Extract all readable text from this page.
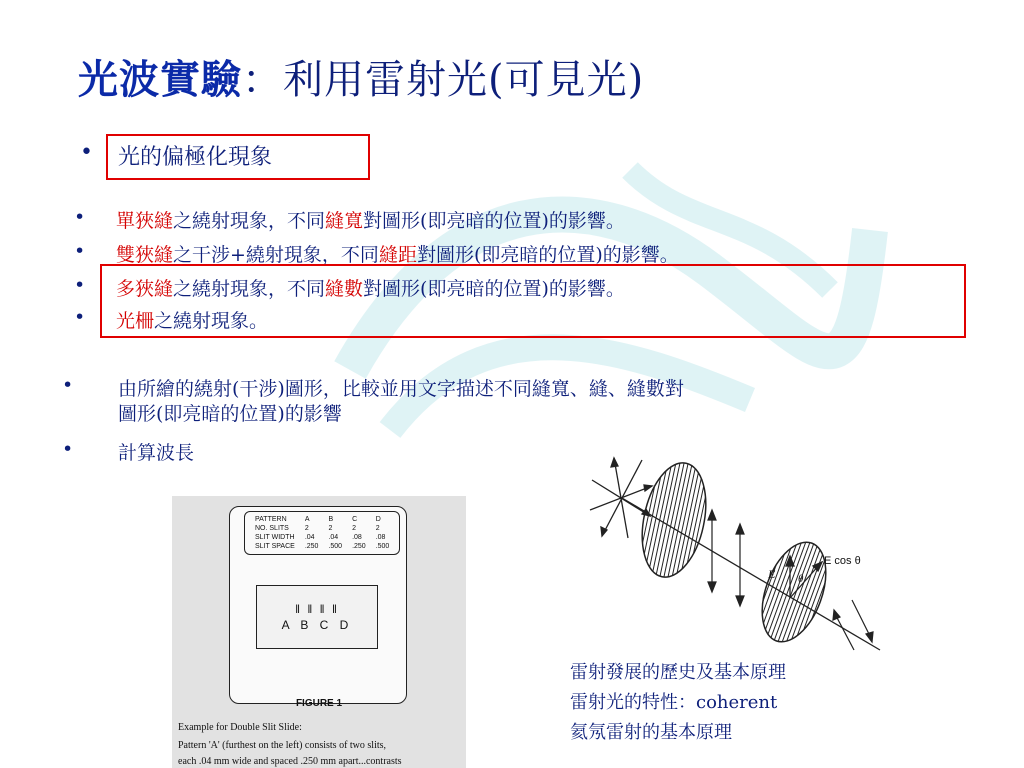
光波實驗：利用雷射光(可見光)
• 光的偏極化現象
• 單狹縫之繞射現象，不同縫寬對圖形(即亮暗的位置)的影響。
• 雙狹縫之干涉+繞射現象，不同縫距對圖形(即亮暗的位置)的影響。
• 多狹縫之繞射現象，不同縫數對圖形(即亮暗的位置)的影響。
• 光柵之繞射現象。
• 由所繪的繞射(干涉)圖形，比較並用文字描述不同縫寬、縫、縫數對
圖形(即亮暗的位置)的影響
• 計算波長
PATTERN	A	B	C	D
NO. SLITS	2	2	2	2
SLIT WIDTH	.04	.04	.08	.08
SLIT SPACE	.250	.500	.250	.500
‖ ‖ ‖ ‖
A B C D
FIGURE 1
Example for Double Slit Slide:
Pattern 'A' (furthest on the left) consists of two slits,
each .04 mm wide and spaced .250 mm apart...contrasts
E
E cos θ
θ
雷射發展的歷史及基本原理
雷射光的特性：coherent
氦氖雷射的基本原理
